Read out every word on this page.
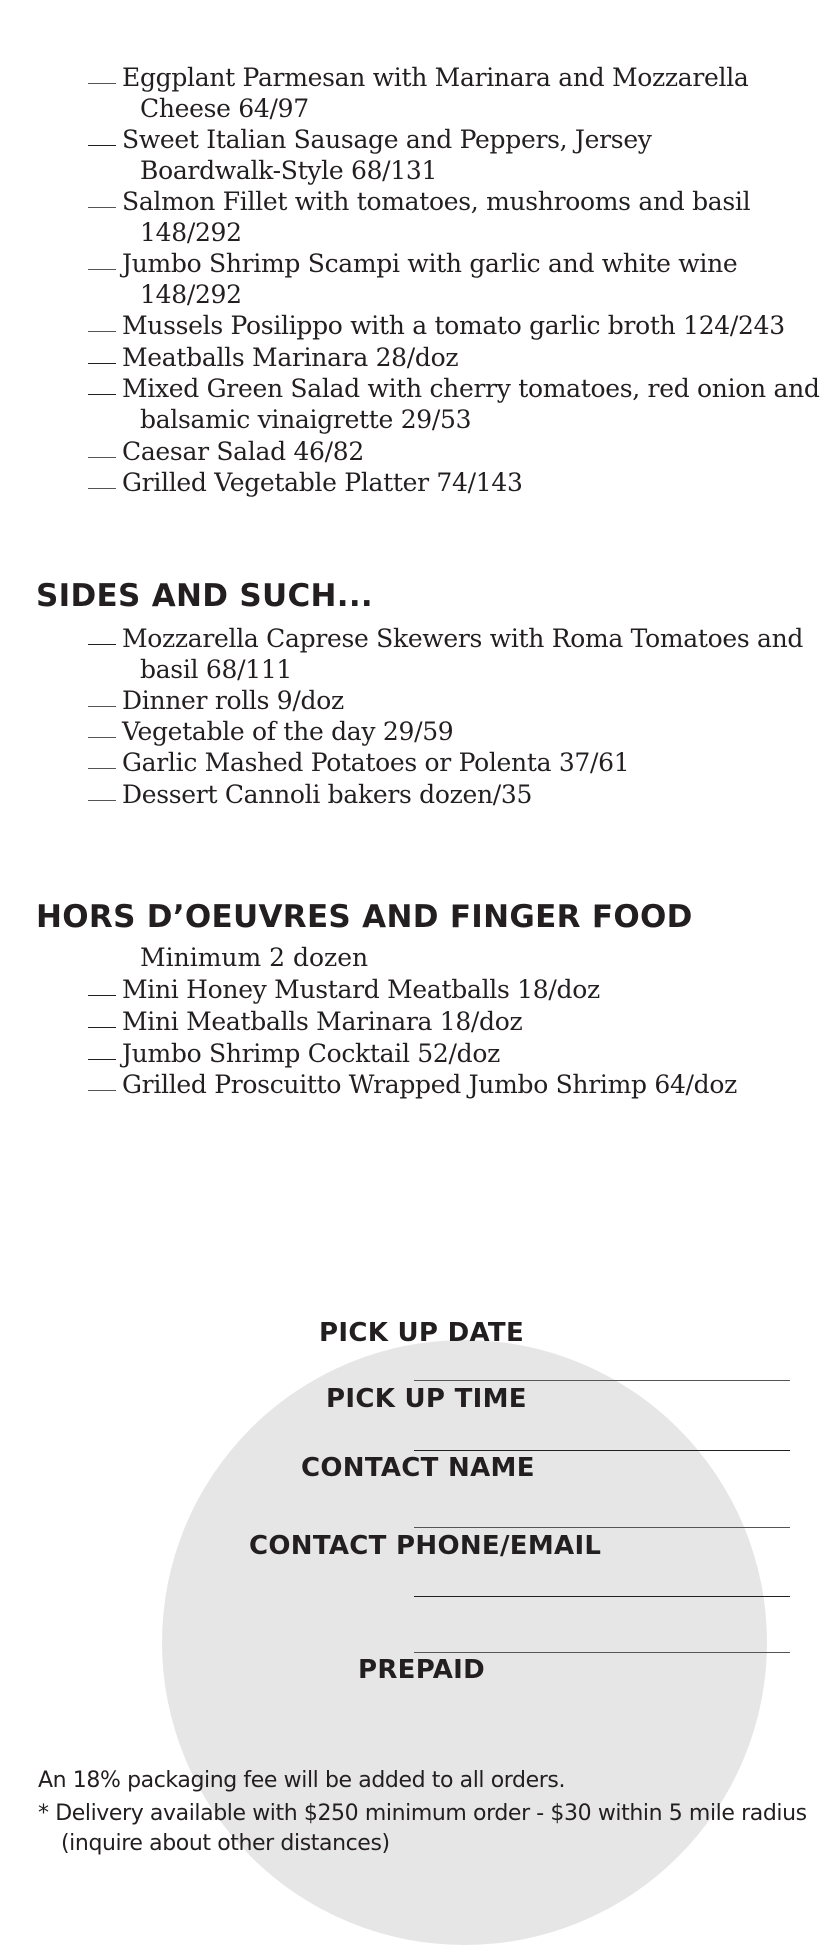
Eggplant Parmesan with Marinara and Mozzarella
Cheese 64/97
Sweet Italian Sausage and Peppers, Jersey
Boardwalk-Style 68/131
Salmon Fillet with tomatoes, mushrooms and basil
148/292
Jumbo Shrimp Scampi with garlic and white wine
148/292
Mussels Posilippo with a tomato garlic broth 124/243
Meatballs Marinara 28/doz
Mixed Green Salad with cherry tomatoes, red onion and
balsamic vinaigrette 29/53
Caesar Salad 46/82
Grilled Vegetable Platter 74/143
SIDES AND SUCH...
Mozzarella Caprese Skewers with Roma Tomatoes and
basil 68/111
Dinner rolls 9/doz
Vegetable of the day 29/59
Garlic Mashed Potatoes or Polenta 37/61
Dessert Cannoli bakers dozen/35
HORS D’OEUVRES AND FINGER FOOD
Minimum 2 dozen
Mini Honey Mustard Meatballs 18/doz
Mini Meatballs Marinara 18/doz
Jumbo Shrimp Cocktail 52/doz
Grilled Proscuitto Wrapped Jumbo Shrimp 64/doz
PICK UP DATE
PICK UP TIME
CONTACT NAME
CONTACT PHONE/EMAIL
PREPAID
An 18% packaging fee will be added to all orders.
* Delivery available with $250 minimum order - $30 within 5 mile radius
(inquire about other distances)
